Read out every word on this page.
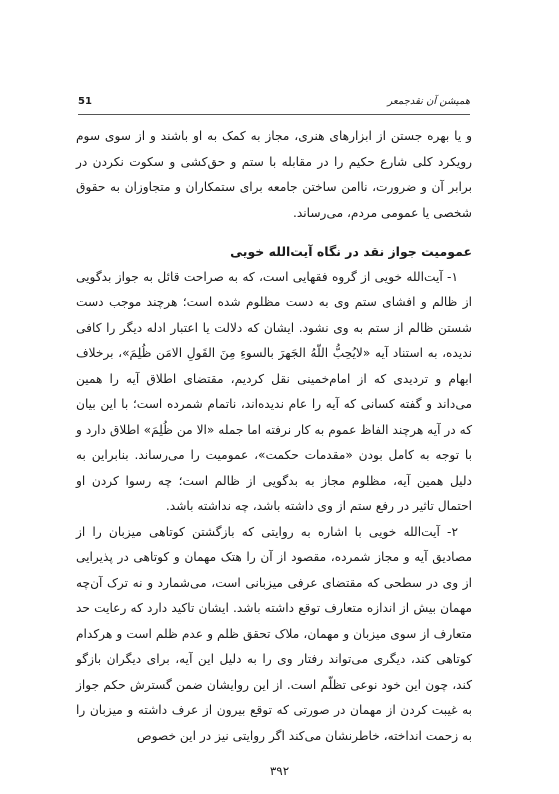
51	همیشن آن نقدجمعر

و یا بهره جستن از ابزارهای هنری، مجاز به کمک به او باشند و از سوی سوم رویکرد کلی شارع حکیم را در مقابله با ستم و حق‌کشی و سکوت نکردن در برابر آن و ضرورت، ناامن ساختن جامعه برای ستمکاران و متجاوزان به حقوق شخصی یا عمومی مردم، می‌رساند.

عمومیت جواز نقد در نگاه آیت‌الله خویی

۱- آیت‌الله خویی از گروه فقهایی است، که به صراحت قائل به جواز بدگویی از ظالم و افشای ستم وی به دست مظلوم شده است؛ هرچند موجب دست شستن ظالم از ستم به وی نشود. ایشان که دلالت یا اعتبار ادله دیگر را کافی ندیده، به استناد آیه «لایُحِبُّ اللّهُ الجَهرَ بالسوءِ مِنَ القَولِ الامَن ظُلِمَ»، برخلاف ابهام و تردیدی که از امام‌خمینی نقل کردیم، مقتضای اطلاق آیه را همین می‌داند و گفته کسانی که آیه را عام ندیده‌اند، ناتمام شمرده است؛ با این بیان که در آیه هرچند الفاظ عموم به کار نرفته اما جمله «الا من ظُلِمَ» اطلاق دارد و با توجه به کامل بودن «مقدمات حکمت»، عمومیت را می‌رساند. بنابراین به دلیل همین آیه، مظلوم مجاز به بدگویی از ظالم است؛ چه رسوا کردن او احتمال تاثیر در رفع ستم از وی داشته باشد، چه نداشته باشد.

۲- آیت‌الله خویی با اشاره به روایتی که بازگشتن کوتاهی میزبان را از مصادیق آیه و مجاز شمرده، مقصود از آن را هتک مهمان و کوتاهی در پذیرایی از وی در سطحی که مقتضای عرفی میزبانی است، می‌شمارد و نه ترک آن‌چه مهمان بیش از اندازه متعارف توقع داشته باشد. ایشان تاکید دارد که رعایت حد متعارف از سوی میزبان و مهمان، ملاک تحقق ظلم و عدم ظلم است و هرکدام کوتاهی کند، دیگری می‌تواند رفتار وی را به دلیل این آیه، برای دیگران بازگو کند، چون این خود نوعی تظلّم است. از این روایشان ضمن گسترش حکم جواز به غیبت کردن از مهمان در صورتی که توقع بیرون از عرف داشته و میزبان را به زحمت انداخته، خاطرنشان می‌کند اگر روایتی نیز در این خصوص

۳۹۲
